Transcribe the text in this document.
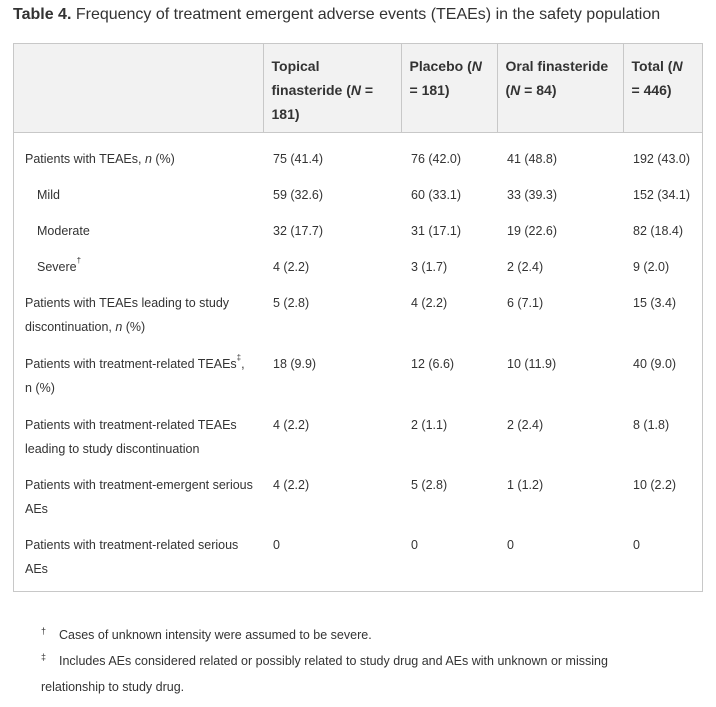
Table 4. Frequency of treatment emergent adverse events (TEAEs) in the safety population
	Topical finasteride (N = 181)	Placebo (N = 181)	Oral finasteride (N = 84)	Total (N = 446)
Patients with TEAEs, n (%)	75 (41.4)	76 (42.0)	41 (48.8)	192 (43.0)
Mild	59 (32.6)	60 (33.1)	33 (39.3)	152 (34.1)
Moderate	32 (17.7)	31 (17.1)	19 (22.6)	82 (18.4)
Severe†	4 (2.2)	3 (1.7)	2 (2.4)	9 (2.0)
Patients with TEAEs leading to study discontinuation, n (%)	5 (2.8)	4 (2.2)	6 (7.1)	15 (3.4)
Patients with treatment-related TEAEs‡, n (%)	18 (9.9)	12 (6.6)	10 (11.9)	40 (9.0)
Patients with treatment-related TEAEs leading to study discontinuation	4 (2.2)	2 (1.1)	2 (2.4)	8 (1.8)
Patients with treatment-emergent serious AEs	4 (2.2)	5 (2.8)	1 (1.2)	10 (2.2)
Patients with treatment-related serious AEs	0	0	0	0
† Cases of unknown intensity were assumed to be severe.
‡ Includes AEs considered related or possibly related to study drug and AEs with unknown or missing relationship to study drug.
